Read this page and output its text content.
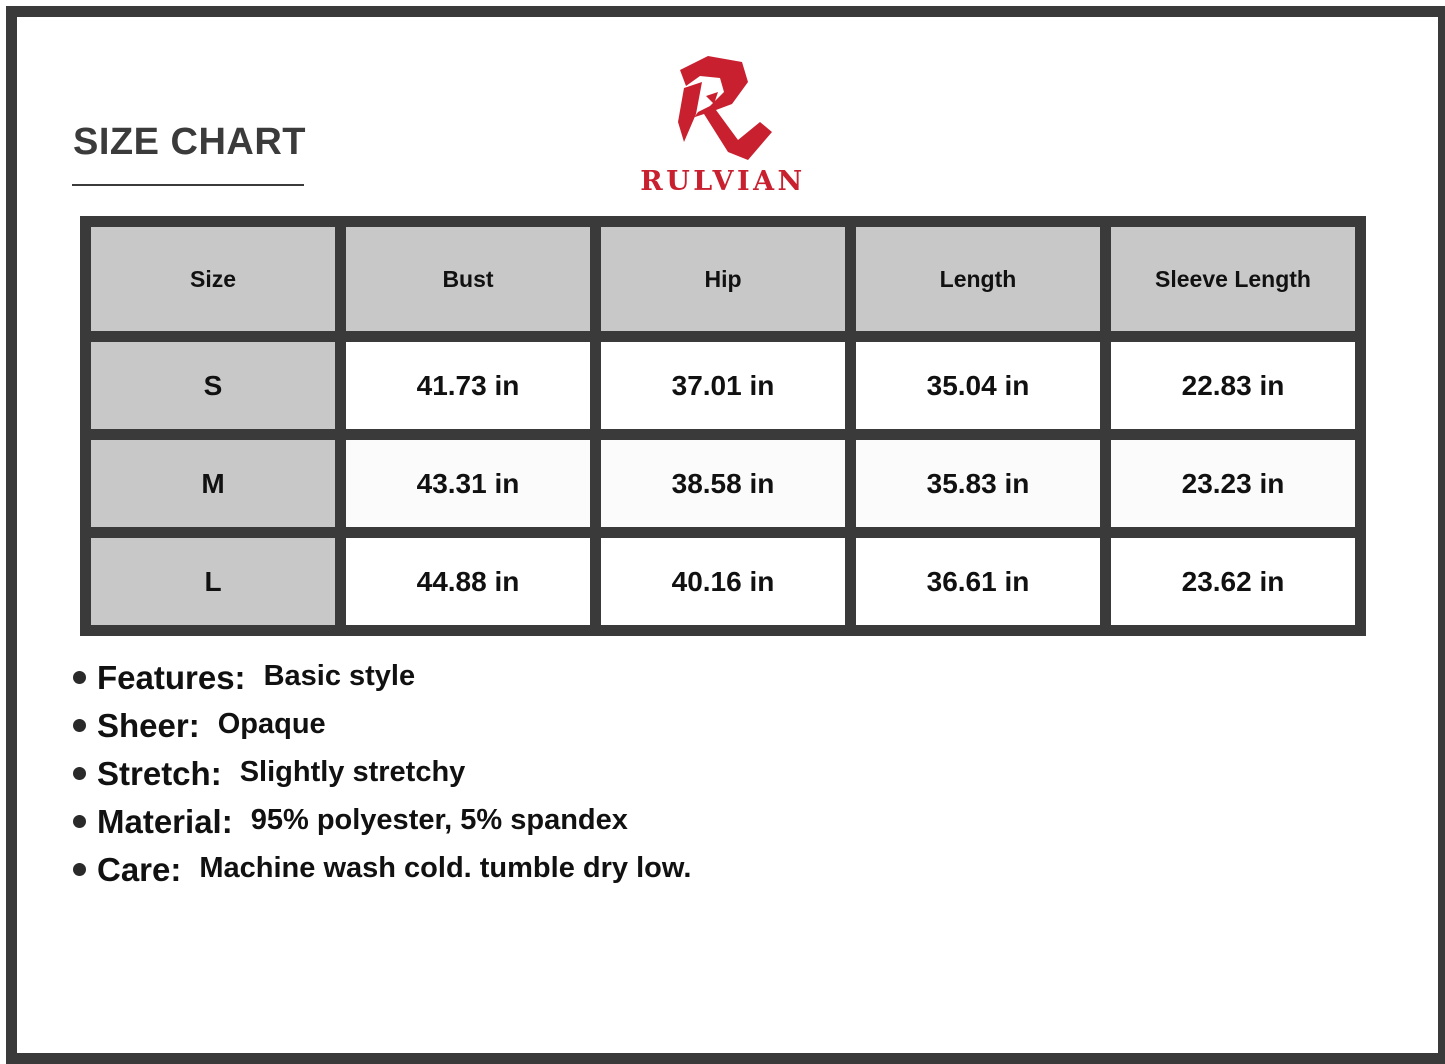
SIZE CHART
RULVIAN
Size	Bust	Hip	Length	Sleeve Length
S	41.73 in	37.01 in	35.04 in	22.83 in
M	43.31 in	38.58 in	35.83 in	23.23 in
L	44.88 in	40.16 in	36.61 in	23.62 in
Features: Basic style
Sheer: Opaque
Stretch: Slightly stretchy
Material: 95% polyester, 5% spandex
Care: Machine wash cold. tumble dry low.
